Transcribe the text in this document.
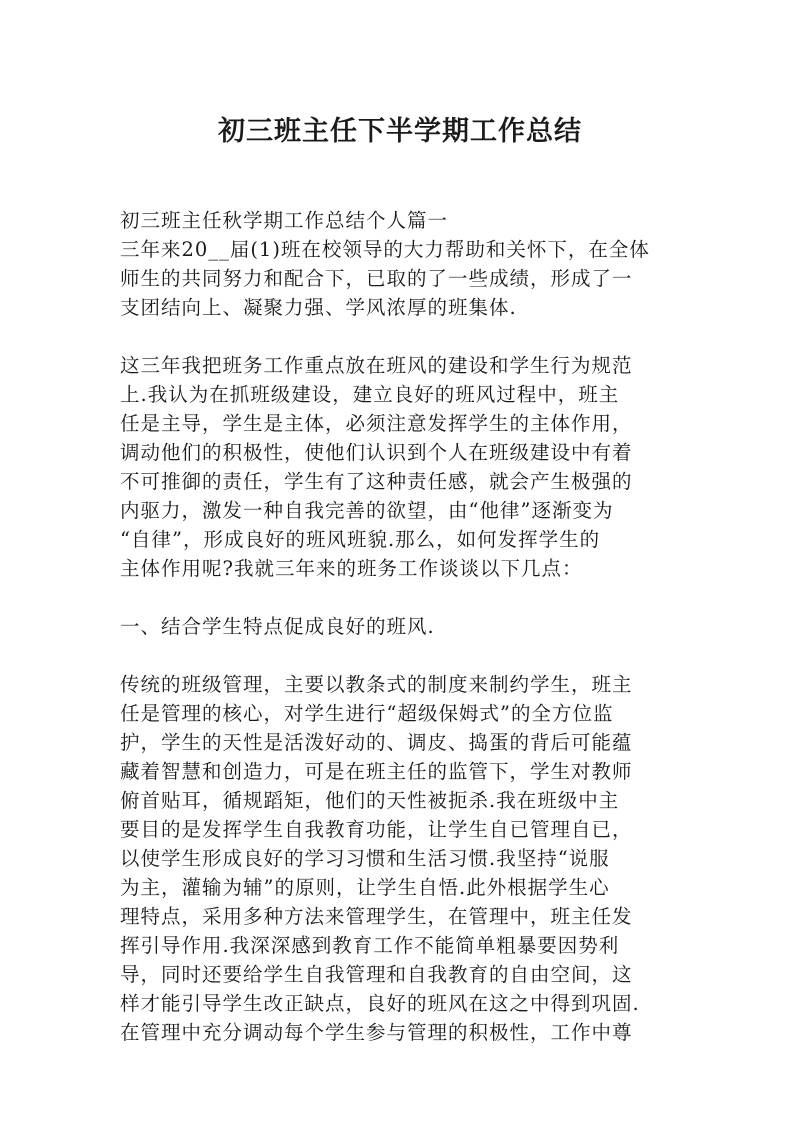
初三班主任下半学期工作总结
初三班主任秋学期工作总结个人篇一
三年来20__届(1)班在校领导的大力帮助和关怀下，在全体
师生的共同努力和配合下，已取的了一些成绩，形成了一
支团结向上、凝聚力强、学风浓厚的班集体.
这三年我把班务工作重点放在班风的建设和学生行为规范
上.我认为在抓班级建设，建立良好的班风过程中，班主
任是主导，学生是主体，必须注意发挥学生的主体作用，
调动他们的积极性，使他们认识到个人在班级建设中有着
不可推御的责任，学生有了这种责任感，就会产生极强的
内驱力，激发一种自我完善的欲望，由“他律”逐渐变为
“自律”，形成良好的班风班貌.那么，如何发挥学生的
主体作用呢?我就三年来的班务工作谈谈以下几点：
一、结合学生特点促成良好的班风.
传统的班级管理，主要以教条式的制度来制约学生，班主
任是管理的核心，对学生进行“超级保姆式”的全方位监
护，学生的天性是活泼好动的、调皮、捣蛋的背后可能蕴
藏着智慧和创造力，可是在班主任的监管下，学生对教师
俯首贴耳，循规蹈矩，他们的天性被扼杀.我在班级中主
要目的是发挥学生自我教育功能，让学生自已管理自已，
以使学生形成良好的学习习惯和生活习惯.我坚持“说服
为主，灌输为辅”的原则，让学生自悟.此外根据学生心
理特点，采用多种方法来管理学生，在管理中，班主任发
挥引导作用.我深深感到教育工作不能简单粗暴要因势利
导，同时还要给学生自我管理和自我教育的自由空间，这
样才能引导学生改正缺点，良好的班风在这之中得到巩固.
在管理中充分调动每个学生参与管理的积极性，工作中尊
